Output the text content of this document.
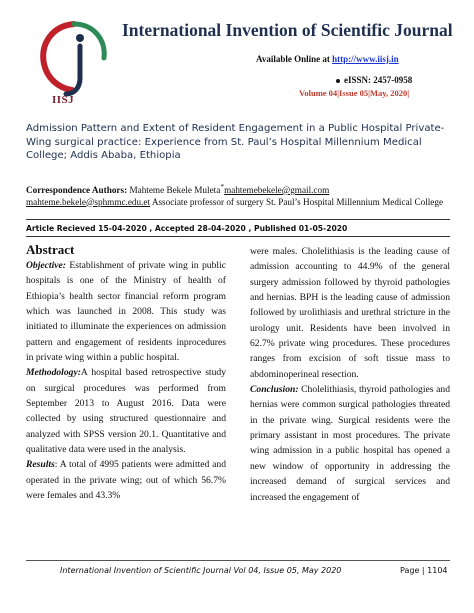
IISJ
International Invention of Scientific Journal
Available Online at http://www.iisj.in
eISSN: 2457-0958
Volume 04|Issue 05|May, 2020|
Admission Pattern and Extent of Resident Engagement in a Public Hospital Private-Wing surgical practice: Experience from St. Paul’s Hospital Millennium Medical College; Addis Ababa, Ethiopia
Correspondence Authors: Mahteme Bekele Muleta*mahtemebekele@gmail.com
mahteme.bekele@sphmmc.edu.et Associate professor of surgery St. Paul’s Hospital Millennium Medical College
Article Recieved 15-04-2020 , Accepted 28-04-2020 , Published 01-05-2020

Abstract

Objective: Establishment of private wing in public hospitals is one of the Ministry of health of Ethiopia’s health sector financial reform program which was launched in 2008. This study was initiated to illuminate the experiences on admission pattern and engagement of residents inprocedures in private wing within a public hospital.

Methodology:A hospital based retrospective study on surgical procedures was performed from September 2013 to August 2016. Data were collected by using structured questionnaire and analyzed with SPSS version 20.1. Quantitative and qualitative data were used in the analysis.

Results: A total of 4995 patients were admitted and operated in the private wing; out of which 56.7% were females and 43.3%

were males. Cholelithiasis is the leading cause of admission accounting to 44.9% of the general surgery admission followed by thyroid pathologies and hernias. BPH is the leading cause of admission followed by urolithiasis and urethral stricture in the urology unit. Residents have been involved in 62.7% private wing procedures. These procedures ranges from excision of soft tissue mass to abdominoperineal resection.

Conclusion: Cholelithiasis, thyroid pathologies and hernias were common surgical pathologies threated in the private wing. Surgical residents were the primary assistant in most procedures. The private wing admission in a public hospital has opened a new window of opportunity in addressing the increased demand of surgical services and increased the engagement of

International Invention of Scientific Journal Vol 04, Issue 05, May 2020	Page | 1104
